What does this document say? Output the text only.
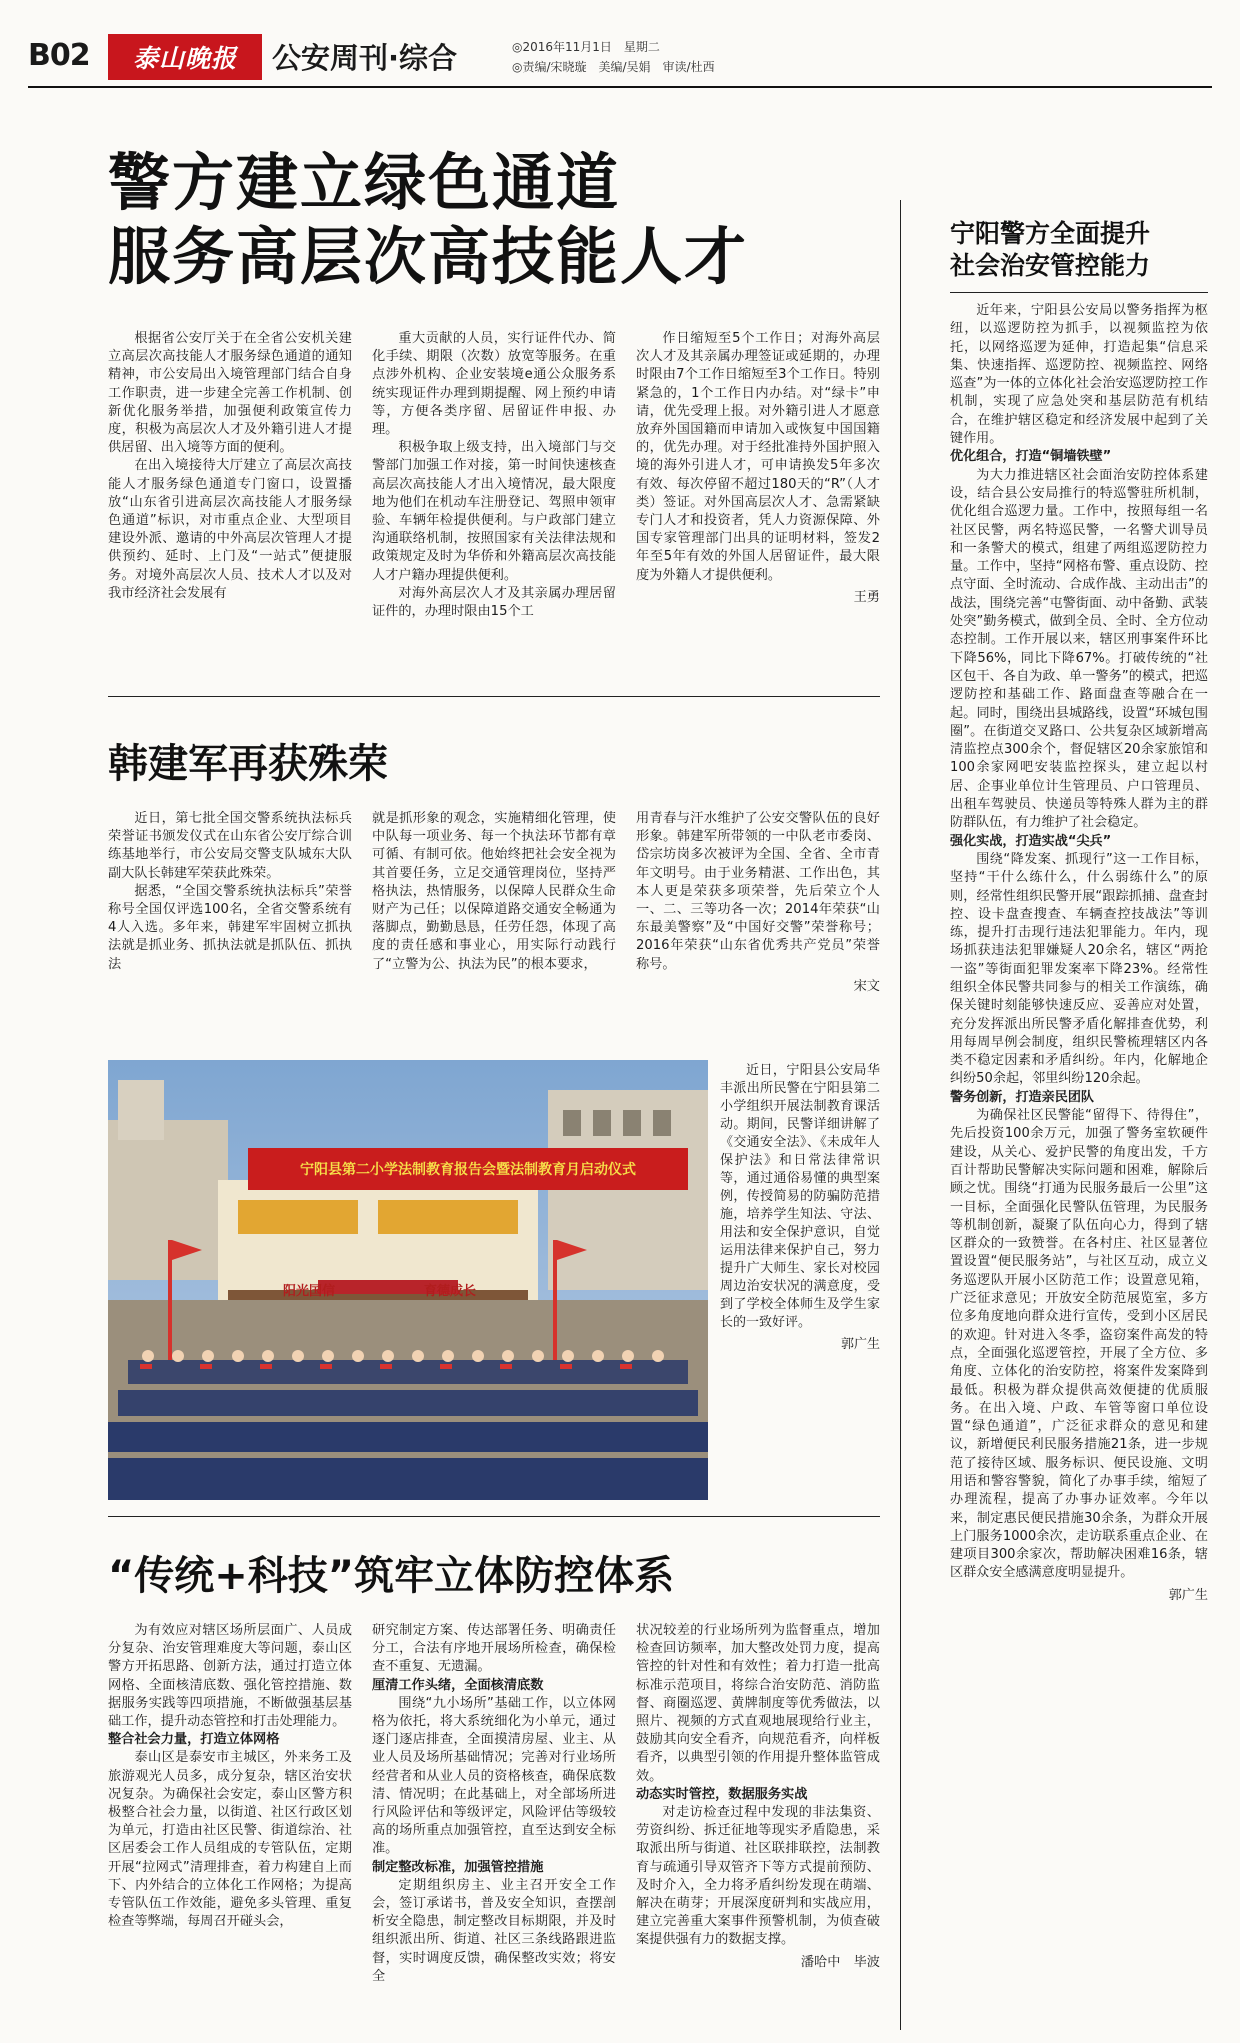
B02	泰山晚报	公安周刊·综合	◎2016年11月1日　星期二
◎责编/宋晓璇　美编/吴娟　审读/杜西
警方建立绿色通道
服务高层次高技能人才

根据省公安厅关于在全省公安机关建立高层次高技能人才服务绿色通道的通知精神，市公安局出入境管理部门结合自身工作职责，进一步建全完善工作机制、创新优化服务举措，加强便利政策宣传力度，积极为高层次人才及外籍引进人才提供居留、出入境等方面的便利。

在出入境接待大厅建立了高层次高技能人才服务绿色通道专门窗口，设置播放“山东省引进高层次高技能人才服务绿色通道”标识，对市重点企业、大型项目建设外派、邀请的中外高层次管理人才提供预约、延时、上门及“一站式”便捷服务。对境外高层次人员、技术人才以及对我市经济社会发展有

重大贡献的人员，实行证件代办、简化手续、期限（次数）放宽等服务。在重点涉外机构、企业安装境e通公众服务系统实现证件办理到期提醒、网上预约申请等，方便各类序留、居留证件申报、办理。

积极争取上级支持，出入境部门与交警部门加强工作对接，第一时间快速核查高层次高技能人才出入境情况，最大限度地为他们在机动车注册登记、驾照申领审验、车辆年检提供便利。与户政部门建立沟通联络机制，按照国家有关法律法规和政策规定及时为华侨和外籍高层次高技能人才户籍办理提供便利。

对海外高层次人才及其亲属办理居留证件的，办理时限由15个工

作日缩短至5个工作日；对海外高层次人才及其亲属办理签证或延期的，办理时限由7个工作日缩短至3个工作日。特别紧急的，1个工作日内办结。对“绿卡”申请，优先受理上报。对外籍引进人才愿意放弃外国国籍而申请加入或恢复中国国籍的，优先办理。对于经批准持外国护照入境的海外引进人才，可申请换发5年多次有效、每次停留不超过180天的“R”（人才类）签证。对外国高层次人才、急需紧缺专门人才和投资者，凭人力资源保障、外国专家管理部门出具的证明材料，签发2年至5年有效的外国人居留证件，最大限度为外籍人才提供便利。

王勇

韩建军再获殊荣

近日，第七批全国交警系统执法标兵荣誉证书颁发仪式在山东省公安厅综合训练基地举行，市公安局交警支队城东大队副大队长韩建军荣获此殊荣。

据悉，“全国交警系统执法标兵”荣誉称号全国仅评选100名，全省交警系统有4人入选。多年来，韩建军牢固树立抓执法就是抓业务、抓执法就是抓队伍、抓执法

就是抓形象的观念，实施精细化管理，使中队每一项业务、每一个执法环节都有章可循、有制可依。他始终把社会安全视为其首要任务，立足交通管理岗位，坚持严格执法，热情服务，以保障人民群众生命财产为己任；以保障道路交通安全畅通为落脚点，勤勤恳恳，任劳任怨，体现了高度的责任感和事业心，用实际行动践行了“立警为公、执法为民”的根本要求，

用青春与汗水维护了公安交警队伍的良好形象。韩建军所带领的一中队老市委岗、岱宗坊岗多次被评为全国、全省、全市青年文明号。由于业务精湛、工作出色，其本人更是荣获多项荣誉，先后荣立个人一、二、三等功各一次；2014年荣获“山东最美警察”及“中国好交警”荣誉称号；2016年荣获“山东省优秀共产党员”荣誉称号。

宋文

宁阳县第二小学法制教育报告会暨法制教育月启动仪式
阳光国信	育德成长

近日，宁阳县公安局华丰派出所民警在宁阳县第二小学组织开展法制教育课活动。期间，民警详细讲解了《交通安全法》、《未成年人保护法》和日常法律常识等，通过通俗易懂的典型案例，传授简易的防骗防范措施，培养学生知法、守法、用法和安全保护意识，自觉运用法律来保护自己，努力提升广大师生、家长对校园周边治安状况的满意度，受到了学校全体师生及学生家长的一致好评。

郭广生

“传统+科技”筑牢立体防控体系

为有效应对辖区场所层面广、人员成分复杂、治安管理难度大等问题，泰山区警方开拓思路、创新方法，通过打造立体网格、全面核清底数、强化管控措施、数据服务实践等四项措施，不断做强基层基础工作，提升动态管控和打击处理能力。

整合社会力量，打造立体网格

泰山区是泰安市主城区，外来务工及旅游观光人员多，成分复杂，辖区治安状况复杂。为确保社会安定，泰山区警方积极整合社会力量，以街道、社区行政区划为单元，打造由社区民警、街道综治、社区居委会工作人员组成的专管队伍，定期开展“拉网式”清理排查，着力构建自上而下、内外结合的立体化工作网格；为提高专管队伍工作效能，避免多头管理、重复检查等弊端，每周召开碰头会，

研究制定方案、传达部署任务、明确责任分工，合法有序地开展场所检查，确保检查不重复、无遗漏。

厘清工作头绪，全面核清底数

围绕“九小场所”基础工作，以立体网格为依托，将大系统细化为小单元，通过逐门逐店排查，全面摸清房屋、业主、从业人员及场所基础情况；完善对行业场所经营者和从业人员的资格核查，确保底数清、情况明；在此基础上，对全部场所进行风险评估和等级评定，风险评估等级较高的场所重点加强管控，直至达到安全标准。

制定整改标准，加强管控措施

定期组织房主、业主召开安全工作会，签订承诺书，普及安全知识，查摆剖析安全隐患，制定整改目标期限，并及时组织派出所、街道、社区三条线路跟进监督，实时调度反馈，确保整改实效；将安全

状况较差的行业场所列为监督重点，增加检查回访频率，加大整改处罚力度，提高管控的针对性和有效性；着力打造一批高标准示范项目，将综合治安防范、消防监督、商圈巡逻、黄牌制度等优秀做法，以照片、视频的方式直观地展现给行业主，鼓励其向安全看齐，向规范看齐，向样板看齐，以典型引领的作用提升整体监管成效。

动态实时管控，数据服务实战

对走访检查过程中发现的非法集资、劳资纠纷、拆迁征地等现实矛盾隐患，采取派出所与街道、社区联排联控，法制教育与疏通引导双管齐下等方式提前预防、及时介入，全力将矛盾纠纷发现在萌端、解决在萌芽；开展深度研判和实战应用，建立完善重大案事件预警机制，为侦查破案提供强有力的数据支撑。

潘哈中　毕波

宁阳警方全面提升
社会治安管控能力

近年来，宁阳县公安局以警务指挥为枢纽，以巡逻防控为抓手，以视频监控为依托，以网络巡逻为延伸，打造起集“信息采集、快速指挥、巡逻防控、视频监控、网络巡查”为一体的立体化社会治安巡逻防控工作机制，实现了应急处突和基层防范有机结合，在维护辖区稳定和经济发展中起到了关键作用。

优化组合，打造“铜墙铁壁”

为大力推进辖区社会面治安防控体系建设，结合县公安局推行的特巡警驻所机制，优化组合巡逻力量。工作中，按照每组一名社区民警，两名特巡民警，一名警犬训导员和一条警犬的模式，组建了两组巡逻防控力量。工作中，坚持“网格布警、重点设防、控点守面、全时流动、合成作战、主动出击”的战法，围绕完善“屯警街面、动中备勤、武装处突”勤务模式，做到全员、全时、全方位动态控制。工作开展以来，辖区刑事案件环比下降56%，同比下降67%。打破传统的“社区包干、各自为政、单一警务”的模式，把巡逻防控和基础工作、路面盘查等融合在一起。同时，围绕出县城路线，设置“环城包围圈”。在街道交叉路口、公共复杂区域新增高清监控点300余个，督促辖区20余家旅馆和100余家网吧安装监控探头，建立起以村居、企事业单位计生管理员、户口管理员、出租车驾驶员、快递员等特殊人群为主的群防群队伍，有力维护了社会稳定。

强化实战，打造实战“尖兵”

围绕“降发案、抓现行”这一工作目标，坚持“干什么练什么，什么弱练什么”的原则，经常性组织民警开展“跟踪抓捕、盘查封控、设卡盘查搜查、车辆查控技战法”等训练，提升打击现行违法犯罪能力。年内，现场抓获违法犯罪嫌疑人20余名，辖区“两抢一盗”等街面犯罪发案率下降23%。经常性组织全体民警共同参与的相关工作演练，确保关键时刻能够快速反应、妥善应对处置，充分发挥派出所民警矛盾化解排查优势，利用每周早例会制度，组织民警梳理辖区内各类不稳定因素和矛盾纠纷。年内，化解地企纠纷50余起，邻里纠纷120余起。

警务创新，打造亲民团队

为确保社区民警能“留得下、待得住”，先后投资100余万元，加强了警务室软硬件建设，从关心、爱护民警的角度出发，千方百计帮助民警解决实际问题和困难，解除后顾之忧。围绕“打通为民服务最后一公里”这一目标，全面强化民警队伍管理，为民服务等机制创新，凝聚了队伍向心力，得到了辖区群众的一致赞誉。在各村庄、社区显著位置设置“便民服务站”，与社区互动，成立义务巡逻队开展小区防范工作；设置意见箱，广泛征求意见；开放安全防范展览室，多方位多角度地向群众进行宣传，受到小区居民的欢迎。针对进入冬季，盗窃案件高发的特点，全面强化巡逻管控，开展了全方位、多角度、立体化的治安防控，将案件发案降到最低。积极为群众提供高效便捷的优质服务。在出入境、户政、车管等窗口单位设置“绿色通道”，广泛征求群众的意见和建议，新增便民利民服务措施21条，进一步规范了接待区域、服务标识、便民设施、文明用语和警容警貌，简化了办事手续，缩短了办理流程，提高了办事办证效率。今年以来，制定惠民便民措施30余条，为群众开展上门服务1000余次，走访联系重点企业、在建项目300余家次，帮助解决困难16条，辖区群众安全感满意度明显提升。

郭广生
